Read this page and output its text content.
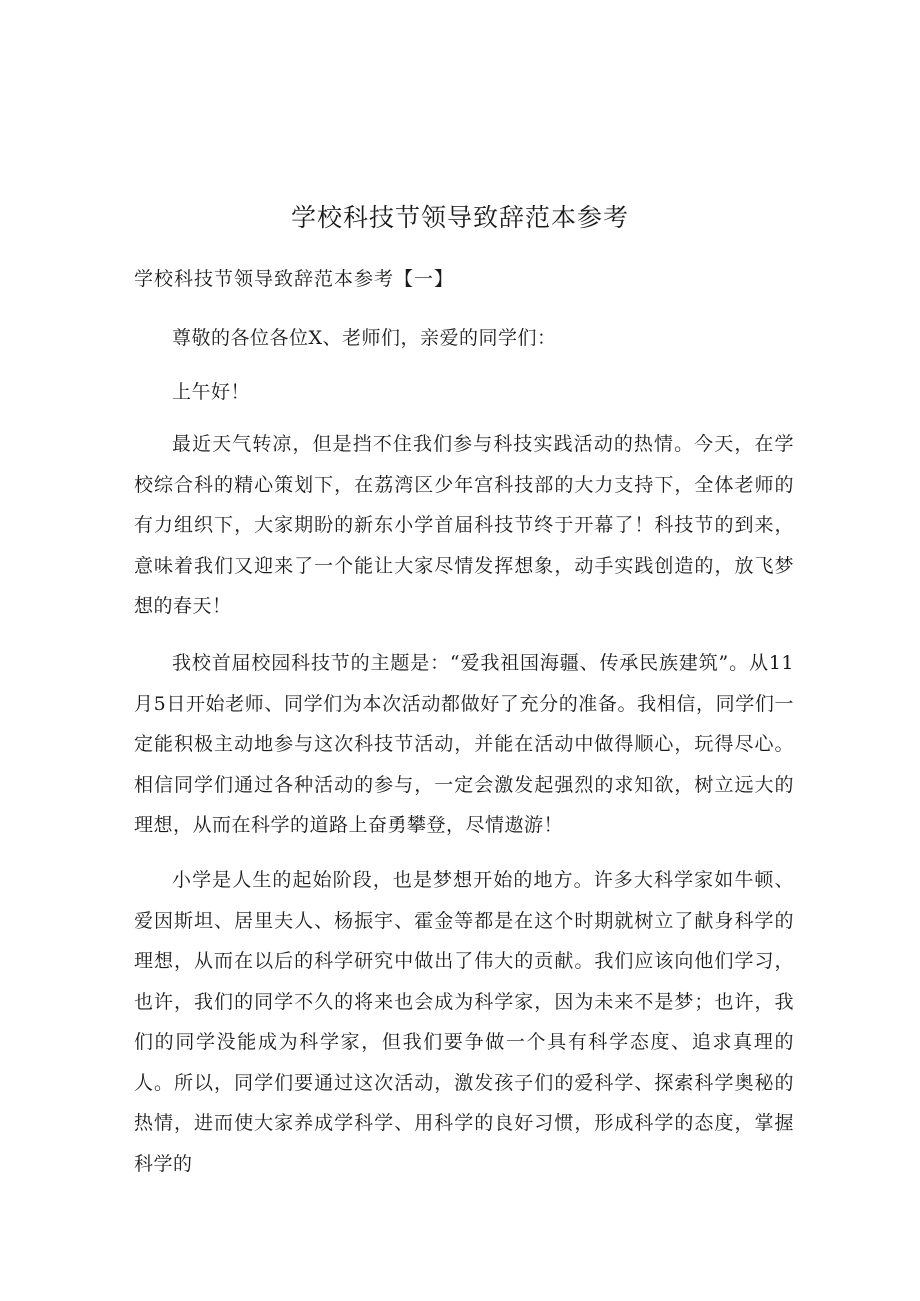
学校科技节领导致辞范本参考
学校科技节领导致辞范本参考【一】

尊敬的各位各位X、老师们，亲爱的同学们：

上午好！

最近天气转凉，但是挡不住我们参与科技实践活动的热情。今天，在学校综合科的精心策划下，在荔湾区少年宫科技部的大力支持下，全体老师的有力组织下，大家期盼的新东小学首届科技节终于开幕了！科技节的到来，意味着我们又迎来了一个能让大家尽情发挥想象，动手实践创造的，放飞梦想的春天！

我校首届校园科技节的主题是：“爱我祖国海疆、传承民族建筑”。从11月5日开始老师、同学们为本次活动都做好了充分的准备。我相信，同学们一定能积极主动地参与这次科技节活动，并能在活动中做得顺心，玩得尽心。相信同学们通过各种活动的参与，一定会激发起强烈的求知欲，树立远大的理想，从而在科学的道路上奋勇攀登，尽情遨游！

小学是人生的起始阶段，也是梦想开始的地方。许多大科学家如牛顿、爱因斯坦、居里夫人、杨振宇、霍金等都是在这个时期就树立了献身科学的理想，从而在以后的科学研究中做出了伟大的贡献。我们应该向他们学习，也许，我们的同学不久的将来也会成为科学家，因为未来不是梦；也许，我们的同学没能成为科学家，但我们要争做一个具有科学态度、追求真理的人。所以，同学们要通过这次活动，激发孩子们的爱科学、探索科学奥秘的热情，进而使大家养成学科学、用科学的良好习惯，形成科学的态度，掌握科学的
